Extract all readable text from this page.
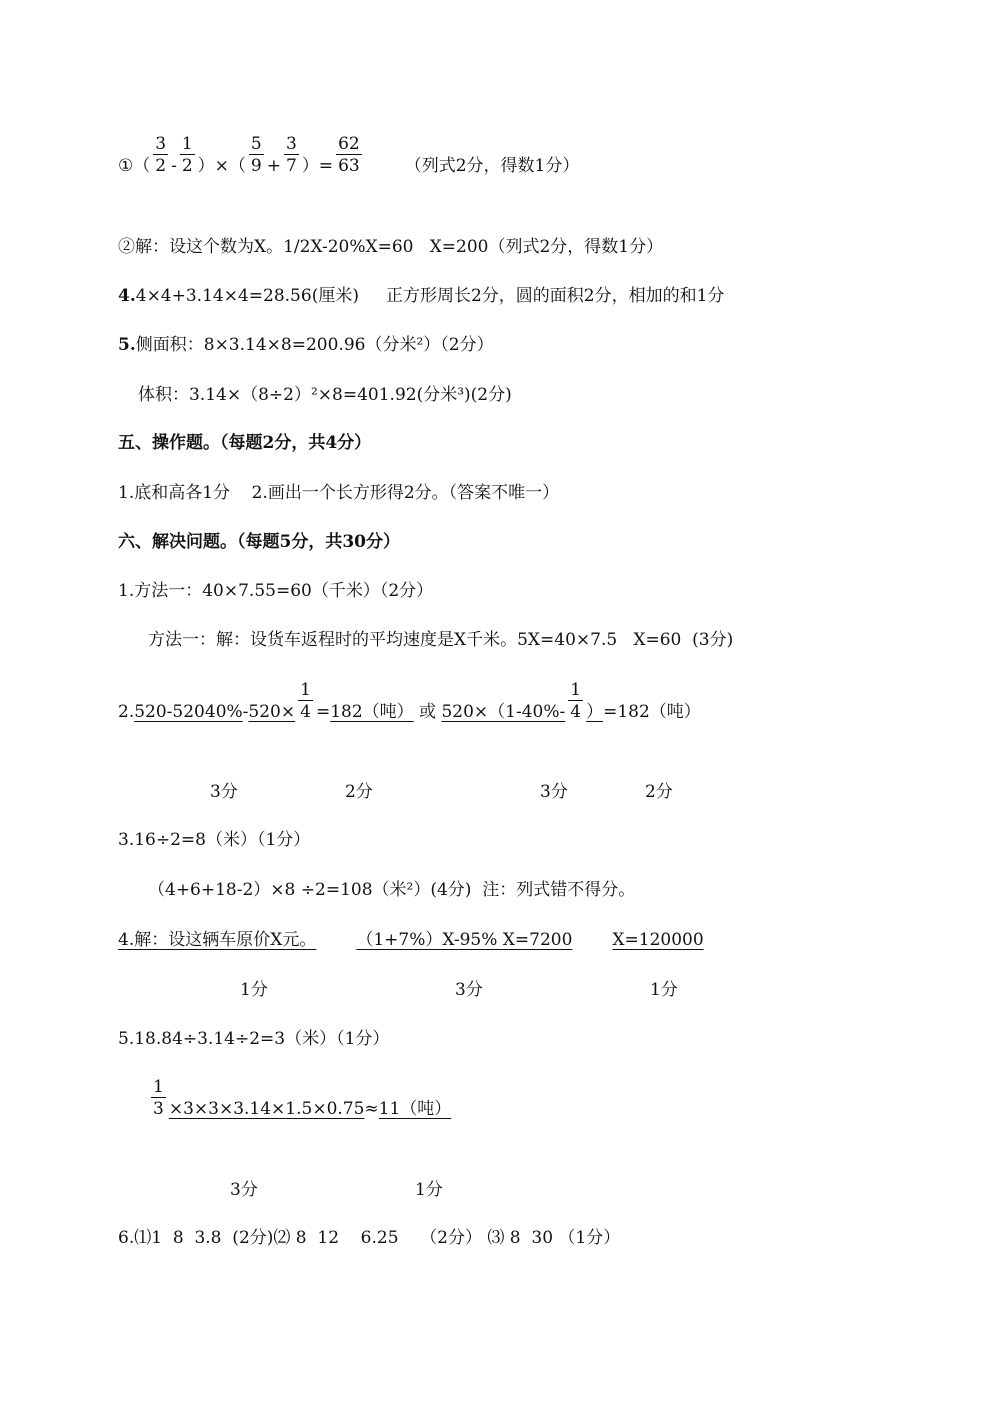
①（ $\frac{3}{2} - \frac{1}{2}$ ）×（ $\frac{5}{9} + \frac{3}{7}$ ）= $\frac{62}{63}$	（列式2分，得数1分）
②解：设这个数为X。1/2X-20%X=60   X=200（列式2分，得数1分）
4.4×4+3.14×4=28.56(厘米)     正方形周长2分，圆的面积2分，相加的和1分
5.侧面积：8×3.14×8=200.96（分米²）（2分）
体积：3.14×（8÷2）²×8=401.92(分米³)(2分)
五、操作题。（每题2分，共4分）
1.底和高各1分    2.画出一个长方形得2分。（答案不唯一）
六、解决问题。（每题5分，共30分）
1.方法一：40×7.55=60（千米）（2分）
方法一：解：设货车返程时的平均速度是X千米。5X=40×7.5   X=60  (3分)
2. $520-52040\% - 520\times \frac{1}{4} = 182$（吨） 或 $520\times(1-40\%- \frac{1}{4}$ ） =182（吨）
3分	2分	3分	2分
3.16÷2=8（米）（1分）
（4+6+18-2）×8 ÷2=108（米²）(4分)  注：列式错不得分。
4.解：设这辆车原价X元。 （1+7%）X-95% X=7200 X=120000
1分	3分	1分
5.18.84÷3.14÷2=3（米）（1分）
$\frac{1}{3} \times 3\times 3\times 3.14\times 1.5\times 0.75 \approx 11$（吨）
3分	1分
6.⑴1  8  3.8  (2分)⑵ 8  12    6.25    （2分） ⑶ 8  30 （1分）
